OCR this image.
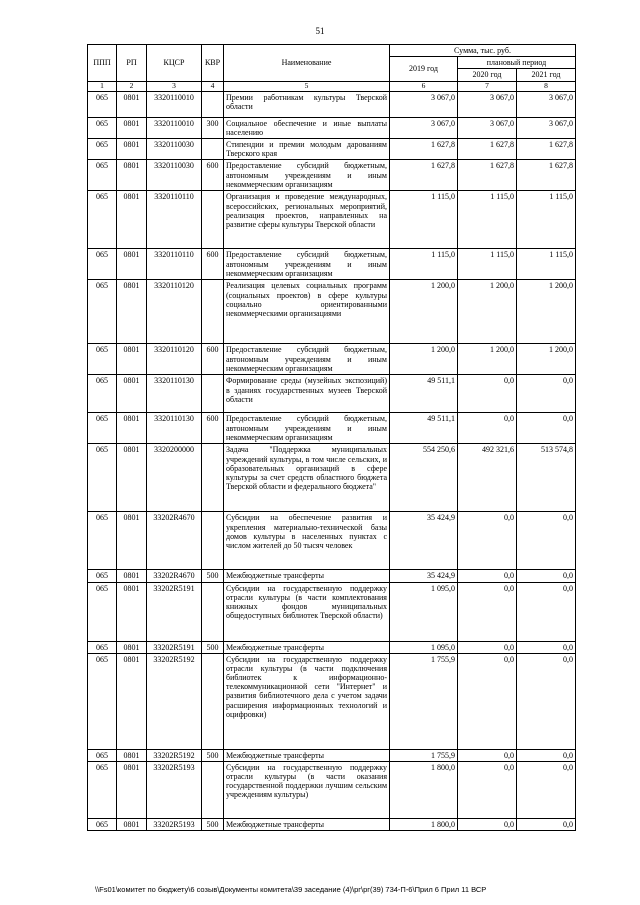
51
ППП	РП	КЦСР	КВР	Наименование	Сумма, тыс. руб.		
					2019 год	плановый период	
						2020 год	2021 год
1	2	3	4	5	6	7	8
065	0801	3320110010		Премии работникам культуры Тверской области	3 067,0	3 067,0	3 067,0
065	0801	3320110010	300	Социальное обеспечение и иные выплаты населению	3 067,0	3 067,0	3 067,0
065	0801	3320110030		Стипендии и премии молодым дарованиям Тверского края	1 627,8	1 627,8	1 627,8
065	0801	3320110030	600	Предоставление субсидий бюджетным, автономным учреждениям и иным некоммерческим организациям	1 627,8	1 627,8	1 627,8
065	0801	3320110110		Организация и проведение международных, всероссийских, региональных мероприятий, реализация проектов, направленных на развитие сферы культуры Тверской области	1 115,0	1 115,0	1 115,0
065	0801	3320110110	600	Предоставление субсидий бюджетным, автономным учреждениям и иным некоммерческим организациям	1 115,0	1 115,0	1 115,0
065	0801	3320110120		Реализация целевых социальных программ (социальных проектов) в сфере культуры социально ориентированными некоммерческими организациями	1 200,0	1 200,0	1 200,0
065	0801	3320110120	600	Предоставление субсидий бюджетным, автономным учреждениям и иным некоммерческим организациям	1 200,0	1 200,0	1 200,0
065	0801	3320110130		Формирование среды (музейных экспозиций) в зданиях государственных музеев Тверской области	49 511,1	0,0	0,0
065	0801	3320110130	600	Предоставление субсидий бюджетным, автономным учреждениям и иным некоммерческим организациям	49 511,1	0,0	0,0
065	0801	3320200000		Задача "Поддержка муниципальных учреждений культуры, в том числе сельских, и образовательных организаций в сфере культуры за счет средств областного бюджета Тверской области и федерального бюджета"	554 250,6	492 321,6	513 574,8
065	0801	33202R4670		Субсидии на обеспечение развития и укрепления материально-технической базы домов культуры в населенных пунктах с числом жителей до 50 тысяч человек	35 424,9	0,0	0,0
065	0801	33202R4670	500	Межбюджетные трансферты	35 424,9	0,0	0,0
065	0801	33202R5191		Субсидии на государственную поддержку отрасли культуры (в части комплектования книжных фондов муниципальных общедоступных библиотек Тверской области)	1 095,0	0,0	0,0
065	0801	33202R5191	500	Межбюджетные трансферты	1 095,0	0,0	0,0
065	0801	33202R5192		Субсидии на государственную поддержку отрасли культуры (в части подключения библиотек к информационно-телекоммуникационной сети "Интернет" и развития библиотечного дела с учетом задачи расширения информационных технологий и оцифровки)	1 755,9	0,0	0,0
065	0801	33202R5192	500	Межбюджетные трансферты	1 755,9	0,0	0,0
065	0801	33202R5193		Субсидии на государственную поддержку отрасли культуры (в части оказания государственной поддержки лучшим сельским учреждениям культуры)	1 800,0	0,0	0,0
065	0801	33202R5193	500	Межбюджетные трансферты	1 800,0	0,0	0,0
\\Fs01\комитет по бюджету\6 созыв\Документы комитета\39 заседание (4)\рг\рг(39) 734-П-6\Прил 6 Прил 11 ВСР
